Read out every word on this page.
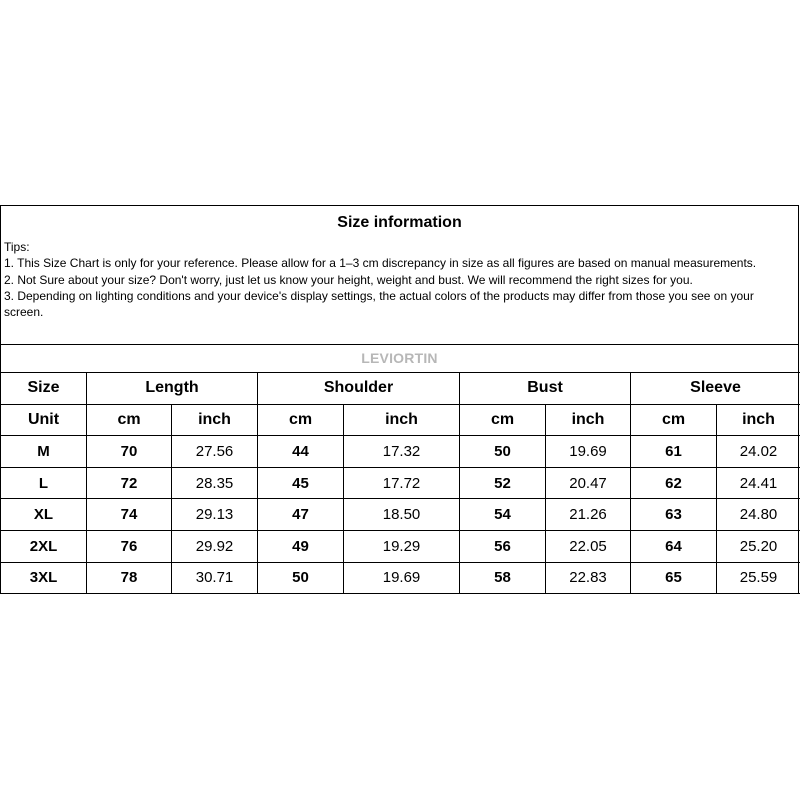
Size information
Tips:
1. This Size Chart is only for your reference. Please allow for a 1–3 cm discrepancy in size as all figures are based on manual measurements.
2. Not Sure about your size? Don't worry, just let us know your height, weight and bust. We will recommend the right sizes for you.
3. Depending on lighting conditions and your device's display settings, the actual colors of the products may differ from those you see on your screen.
LEVIORTIN
Size	Length		Shoulder		Bust		Sleeve	
Unit	cm	inch	cm	inch	cm	inch	cm	inch
M	70	27.56	44	17.32	50	19.69	61	24.02
L	72	28.35	45	17.72	52	20.47	62	24.41
XL	74	29.13	47	18.50	54	21.26	63	24.80
2XL	76	29.92	49	19.29	56	22.05	64	25.20
3XL	78	30.71	50	19.69	58	22.83	65	25.59
